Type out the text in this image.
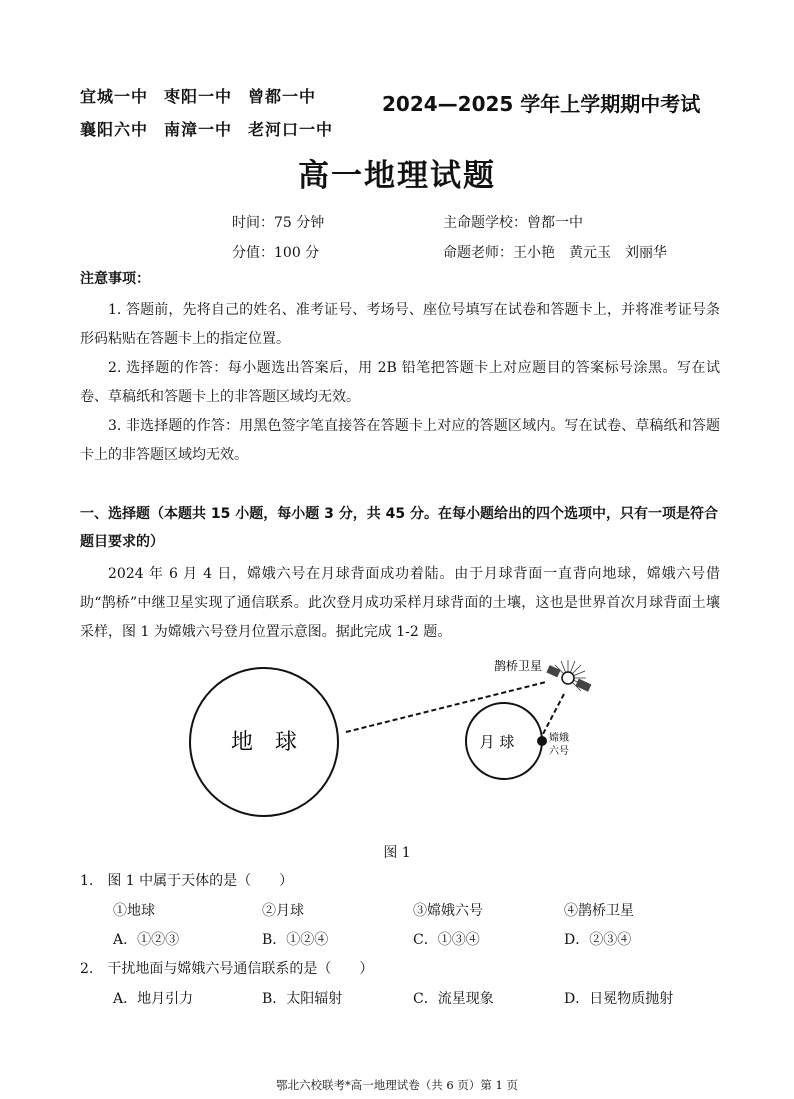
宜城一中 枣阳一中 曾都一中
襄阳六中 南漳一中 老河口一中
2024—2025 学年上学期期中考试
高一地理试题
时间：75 分钟	主命题学校：曾都一中
分值：100 分	命题老师：王小艳　黄元玉　刘丽华
注意事项：

1. 答题前，先将自己的姓名、准考证号、考场号、座位号填写在试卷和答题卡上，并将准考证号条形码粘贴在答题卡上的指定位置。

2. 选择题的作答：每小题选出答案后，用 2B 铅笔把答题卡上对应题目的答案标号涂黑。写在试卷、草稿纸和答题卡上的非答题区域均无效。

3. 非选择题的作答：用黑色签字笔直接答在答题卡上对应的答题区域内。写在试卷、草稿纸和答题卡上的非答题区域均无效。

一、选择题（本题共 15 小题，每小题 3 分，共 45 分。在每小题给出的四个选项中，只有一项是符合题目要求的）

2024 年 6 月 4 日，嫦娥六号在月球背面成功着陆。由于月球背面一直背向地球，嫦娥六号借助“鹊桥”中继卫星实现了通信联系。此次登月成功采样月球背面的土壤，这也是世界首次月球背面土壤采样，图 1 为嫦娥六号登月位置示意图。据此完成 1-2 题。

地　球	月 球
鹊桥卫星
嫦娥
六号
图 1
1.　图 1 中属于天体的是（　　）
①地球	②月球	③嫦娥六号	④鹊桥卫星
A．①②③	B．①②④	C．①③④	D．②③④
2.　干扰地面与嫦娥六号通信联系的是（　　）
A．地月引力	B．太阳辐射	C．流星现象	D．日冕物质抛射
鄂北六校联考*高一地理试卷（共 6 页）第 1 页
